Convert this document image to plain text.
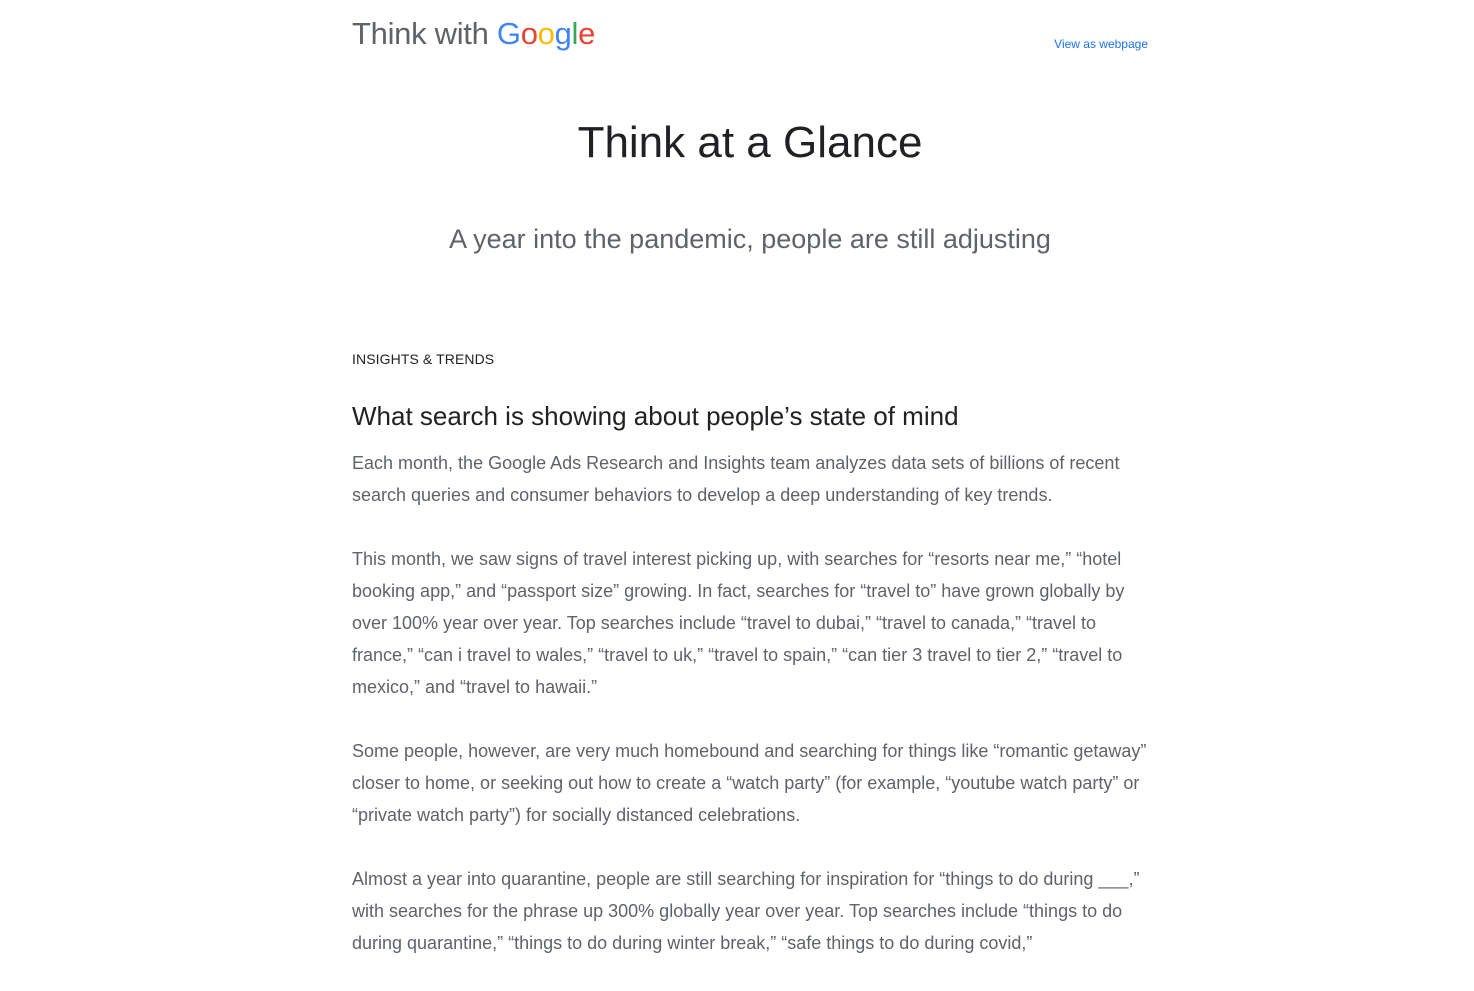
Think with Google	View as webpage
Think at a Glance
A year into the pandemic, people are still adjusting
INSIGHTS & TRENDS
What search is showing about people’s state of mind

Each month, the Google Ads Research and Insights team analyzes data sets of billions of recent search queries and consumer behaviors to develop a deep understanding of key trends.

This month, we saw signs of travel interest picking up, with searches for “resorts near me,” “hotel booking app,” and “passport size” growing. In fact, searches for “travel to” have grown globally by over 100% year over year. Top searches include “travel to dubai,” “travel to canada,” “travel to france,” “can i travel to wales,” “travel to uk,” “travel to spain,” “can tier 3 travel to tier 2,” “travel to mexico,” and “travel to hawaii.”

Some people, however, are very much homebound and searching for things like “romantic getaway” closer to home, or seeking out how to create a “watch party” (for example, “youtube watch party” or “private watch party”) for socially distanced celebrations.

Almost a year into quarantine, people are still searching for inspiration for “things to do during ___,” with searches for the phrase up 300% globally year over year. Top searches include “things to do during quarantine,” “things to do during winter break,” “safe things to do during covid,”
